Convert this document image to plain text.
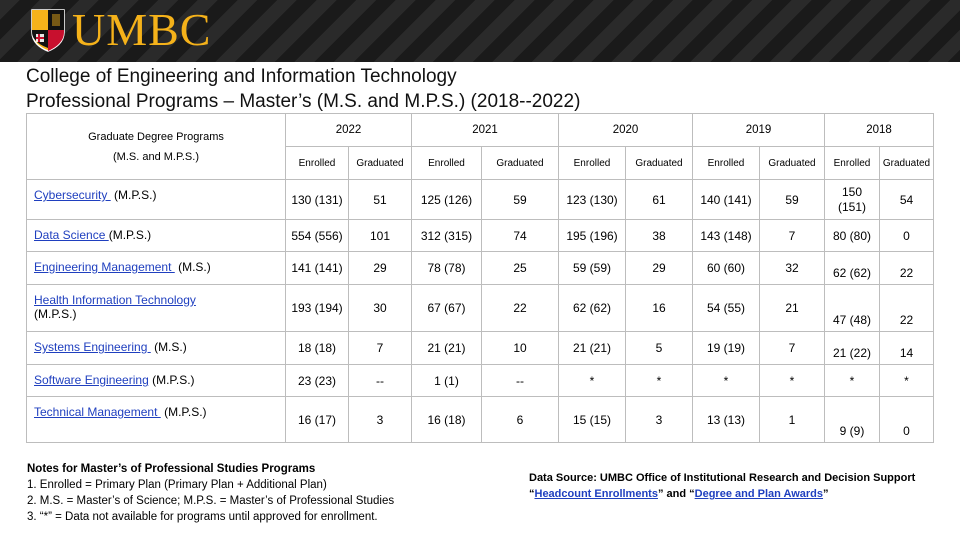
UMBC
College of Engineering and Information Technology
Professional Programs – Master’s (M.S. and M.P.S.) (2018--2022)
Graduate Degree Programs
(M.S. and M.P.S.)	2022		2021		2020		2019		2018	
	Enrolled	Graduated	Enrolled	Graduated	Enrolled	Graduated	Enrolled	Graduated	Enrolled	Graduated
Cybersecurity  (M.P.S.)	130 (131)	51	125 (126)	59	123 (130)	61	140 (141)	59	150 (151)	54
Data Science (M.P.S.)	554 (556)	101	312 (315)	74	195 (196)	38	143 (148)	7	80 (80)	0
Engineering Management  (M.S.)	141 (141)	29	78 (78)	25	59 (59)	29	60 (60)	32	62 (62)	22
Health Information Technology
(M.P.S.)	193 (194)	30	67 (67)	22	62 (62)	16	54 (55)	21	47 (48)	22
Systems Engineering  (M.S.)	18 (18)	7	21 (21)	10	21 (21)	5	19 (19)	7	21 (22)	14
Software Engineering (M.P.S.)	23 (23)	--	1 (1)	--	*	*	*	*	*	*
Technical Management  (M.P.S.)	16 (17)	3	16 (18)	6	15 (15)	3	13 (13)	1	9 (9)	0
Notes for Master’s of Professional Studies Programs
1. Enrolled = Primary Plan (Primary Plan + Additional Plan)
2. M.S. = Master’s of Science; M.P.S. = Master’s of Professional Studies
3. “*” = Data not available for programs until approved for enrollment.
Data Source: UMBC Office of Institutional Research and Decision Support
“Headcount Enrollments” and “Degree and Plan Awards”
